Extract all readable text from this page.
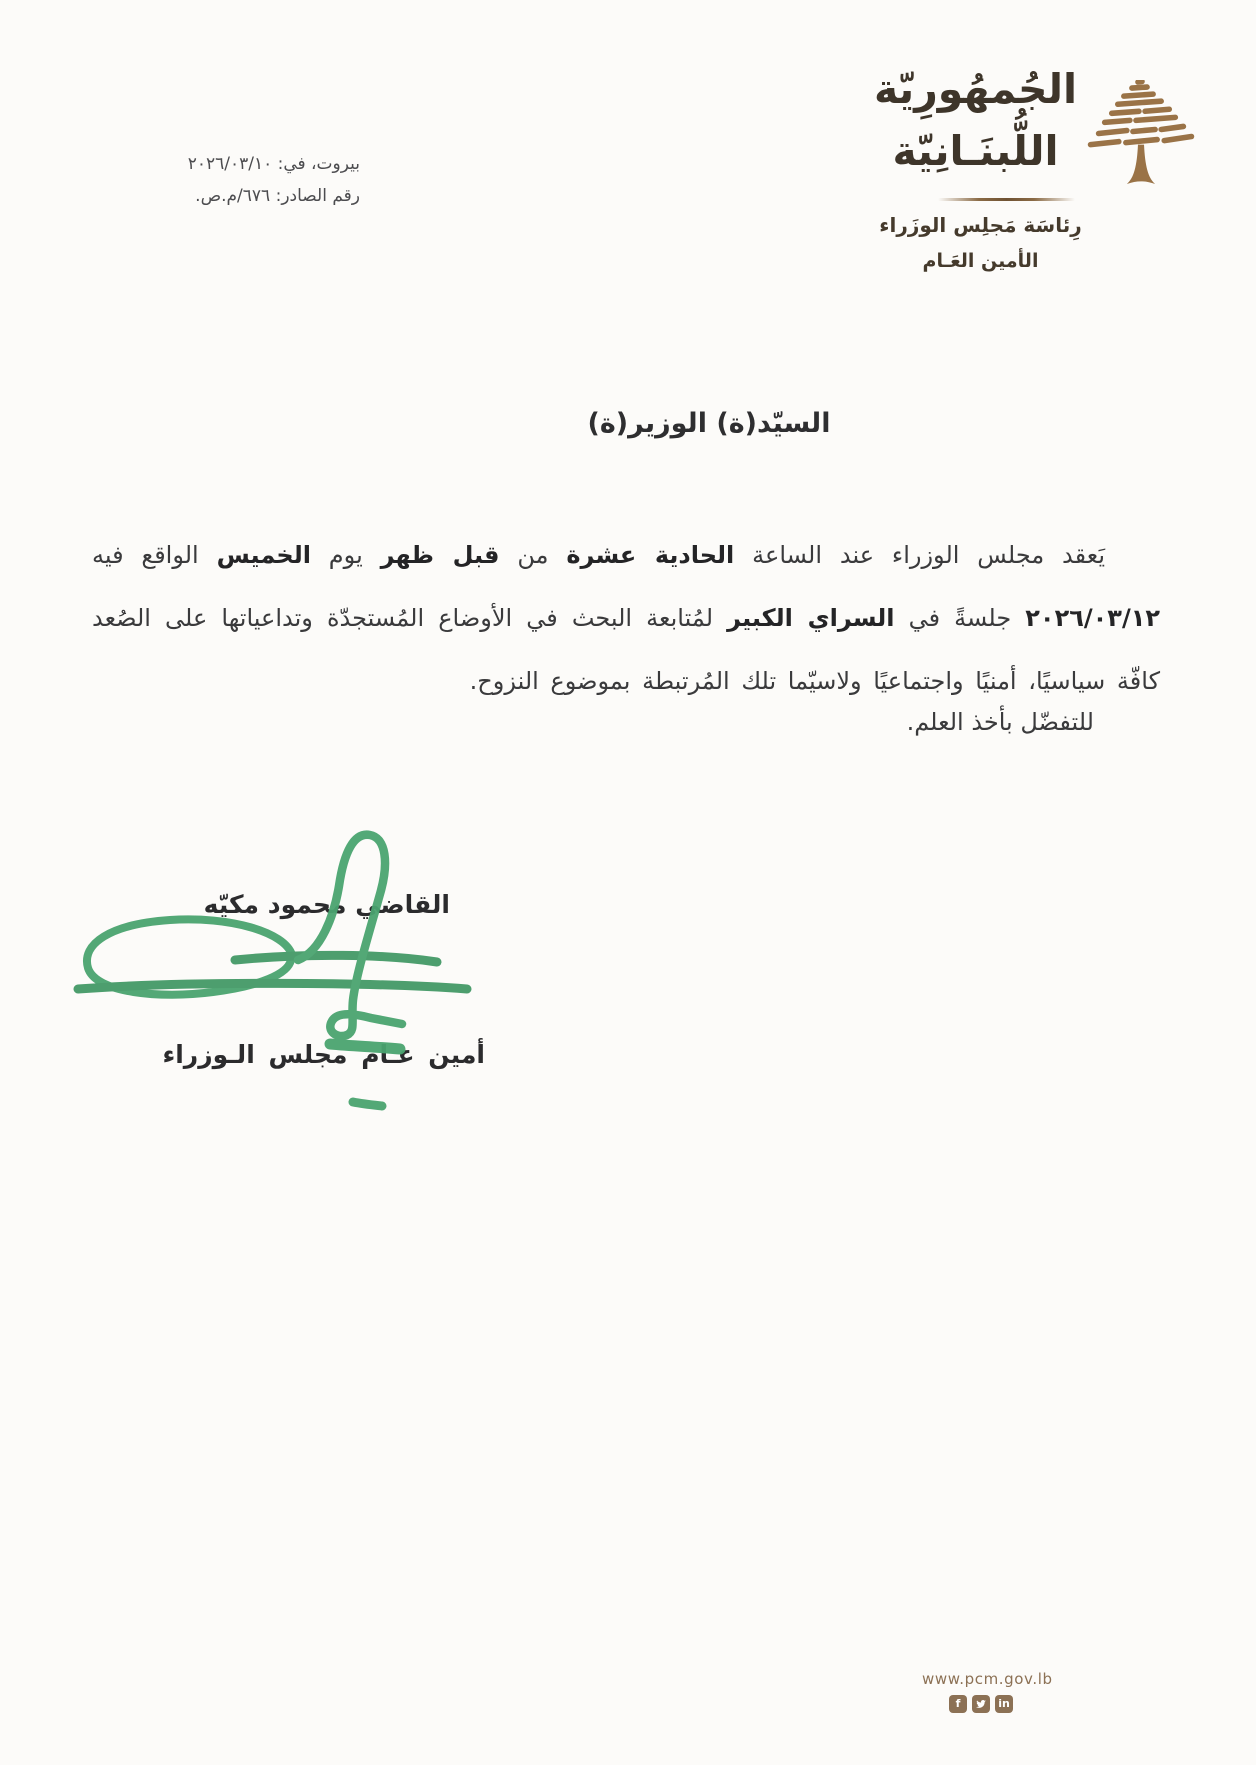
بيروت، في: ٢٠٢٦/٠٣/١٠
رقم الصادر: ٦٧٦/م.ص.
الجُمهُورِيّة
اللُّبنَـانِيّة
رِئاسَة مَجلِس الوزَراء
الأمين العَـام
السيّد(ة) الوزير(ة)

يَعقد مجلس الوزراء عند الساعة الحادية عشرة من قبل ظهر يوم الخميس الواقع فيه ٢٠٢٦/٠٣/١٢ جلسةً في السراي الكبير لمُتابعة البحث في الأوضاع المُستجدّة وتداعياتها على الصُعد كافّة سياسيًا، أمنيًا واجتماعيًا ولاسيّما تلك المُرتبطة بموضوع النزوح.

للتفضّل بأخذ العلم.
القاضي محمود مكيّه
أمين عـام مجلس الـوزراء

www.pcm.gov.lb

f	in
